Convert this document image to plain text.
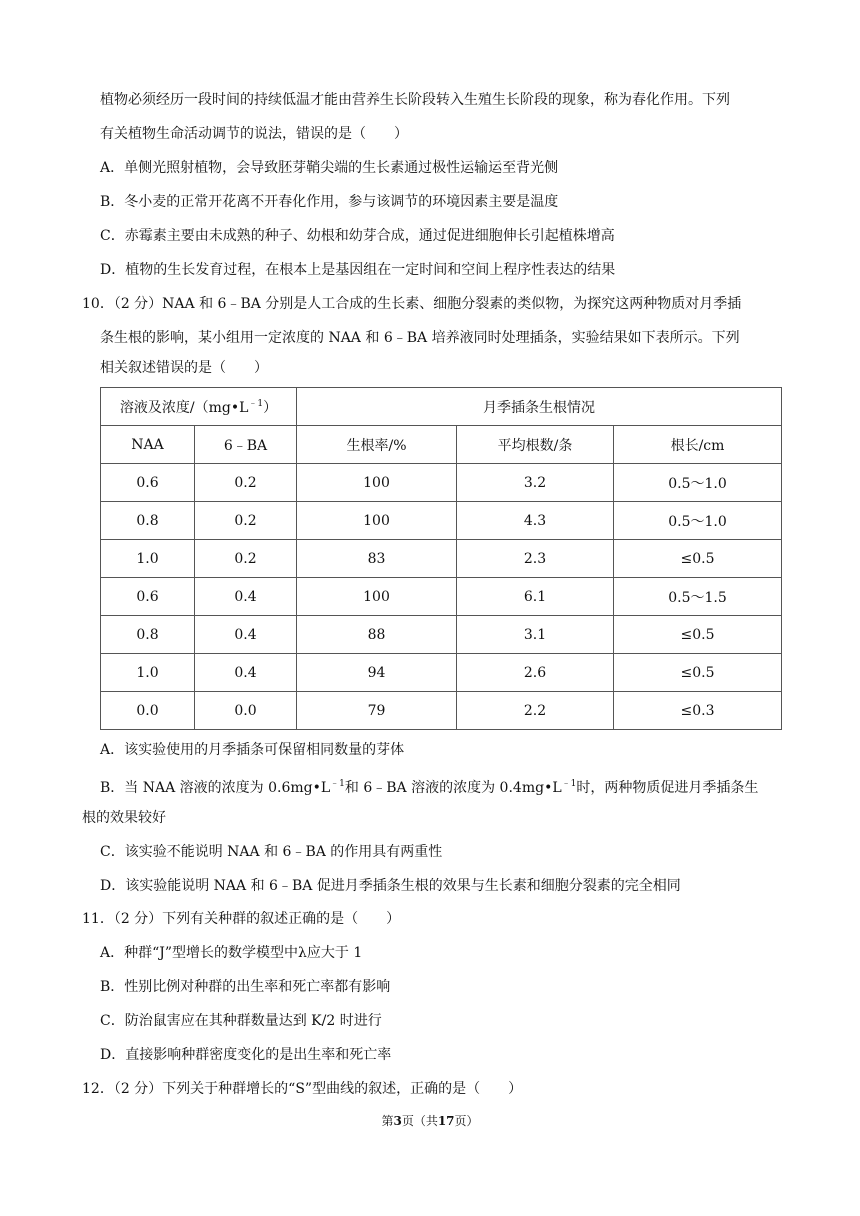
植物必须经历一段时间的持续低温才能由营养生长阶段转入生殖生长阶段的现象，称为春化作用。下列
有关植物生命活动调节的说法，错误的是（　　）
A．单侧光照射植物，会导致胚芽鞘尖端的生长素通过极性运输运至背光侧
B．冬小麦的正常开花离不开春化作用，参与该调节的环境因素主要是温度
C．赤霉素主要由未成熟的种子、幼根和幼芽合成，通过促进细胞伸长引起植株增高
D．植物的生长发育过程，在根本上是基因组在一定时间和空间上程序性表达的结果
10．（2 分）NAA 和 6﹣BA 分别是人工合成的生长素、细胞分裂素的类似物，为探究这两种物质对月季插
条生根的影响，某小组用一定浓度的 NAA 和 6﹣BA 培养液同时处理插条，实验结果如下表所示。下列
相关叙述错误的是（　　）
溶液及浓度$/(mg•L^{﹣1})$		月季插条生根情况		
NAA	6﹣BA	生根率/%	平均根数/条	根长/cm
0.6	0.2	100	3.2	0.5～1.0
0.8	0.2	100	4.3	0.5～1.0
1.0	0.2	83	2.3	≤0.5
0.6	0.4	100	6.1	0.5～1.5
0.8	0.4	88	3.1	≤0.5
1.0	0.4	94	2.6	≤0.5
0.0	0.0	79	2.2	≤0.3
A．该实验使用的月季插条可保留相同数量的芽体
B．当 NAA 溶液的浓度为 $0.6mg•L^{﹣1}$和 6﹣BA 溶液的浓度为 $0.4mg•L^{﹣1}$时，两种物质促进月季插条生
根的效果较好
C．该实验不能说明 NAA 和 6﹣BA 的作用具有两重性
D．该实验能说明 NAA 和 6﹣BA 促进月季插条生根的效果与生长素和细胞分裂素的完全相同
11．（2 分）下列有关种群的叙述正确的是（　　）
A．种群“J”型增长的数学模型中λ应大于 1
B．性别比例对种群的出生率和死亡率都有影响
C．防治鼠害应在其种群数量达到 K/2 时进行
D．直接影响种群密度变化的是出生率和死亡率
12．（2 分）下列关于种群增长的“S”型曲线的叙述，正确的是（　　）
第3页（共17页）
